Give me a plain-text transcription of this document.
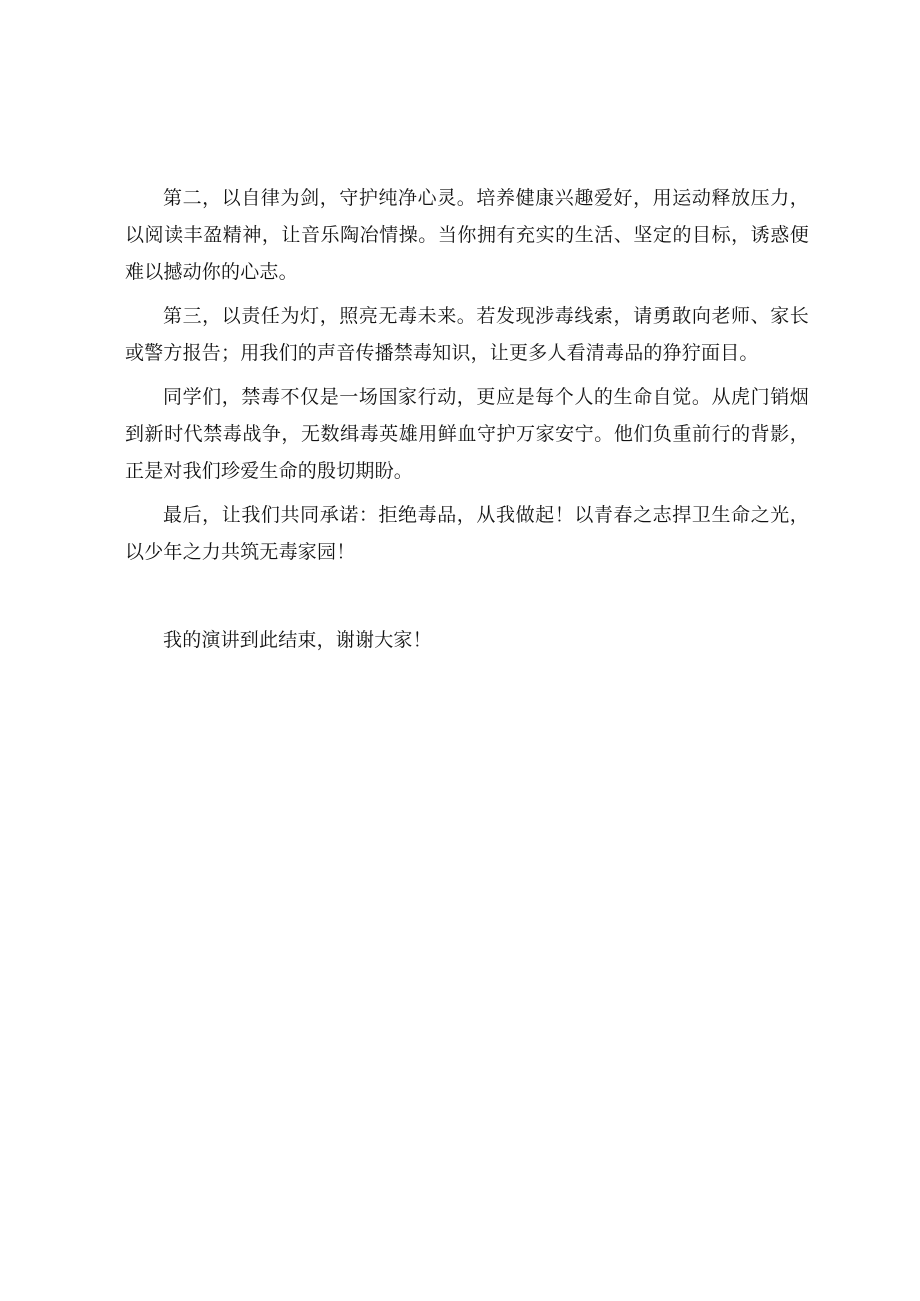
第二，以自律为剑，守护纯净心灵。培养健康兴趣爱好，用运动释放压力，以阅读丰盈精神，让音乐陶冶情操。当你拥有充实的生活、坚定的目标，诱惑便难以撼动你的心志。

第三，以责任为灯，照亮无毒未来。若发现涉毒线索，请勇敢向老师、家长或警方报告；用我们的声音传播禁毒知识，让更多人看清毒品的狰狞面目。

同学们，禁毒不仅是一场国家行动，更应是每个人的生命自觉。从虎门销烟到新时代禁毒战争，无数缉毒英雄用鲜血守护万家安宁。他们负重前行的背影，正是对我们珍爱生命的殷切期盼。

最后，让我们共同承诺：拒绝毒品，从我做起！以青春之志捍卫生命之光，以少年之力共筑无毒家园！

我的演讲到此结束，谢谢大家！
